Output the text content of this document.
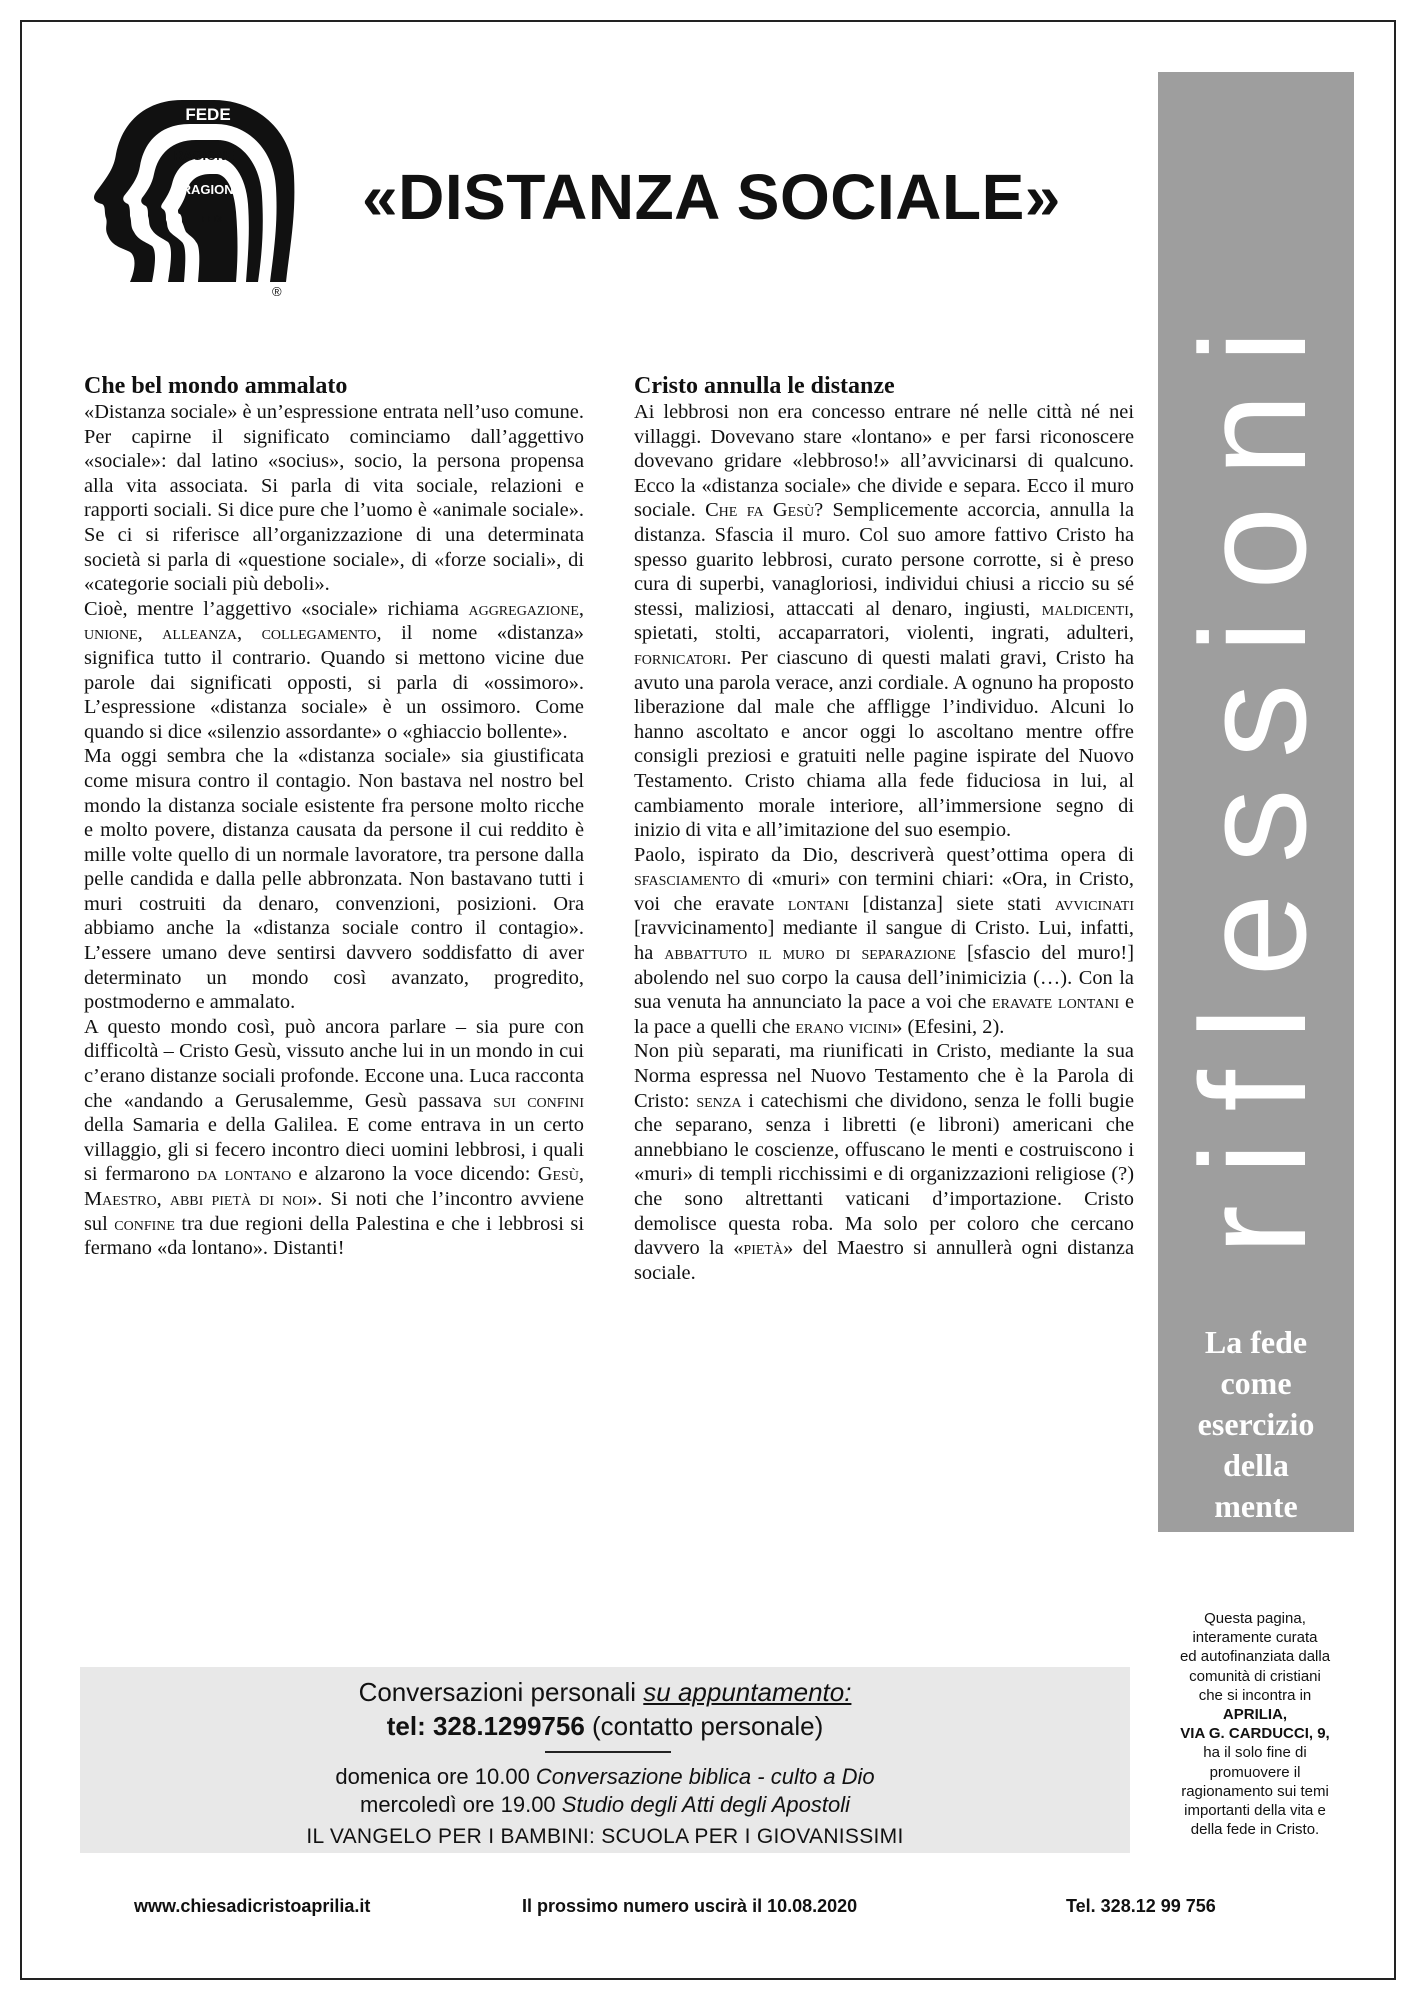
FEDE
RAGIONE
RAGIONE
FEDE
®
«DISTANZA SOCIALE»
Che bel mondo ammalato

«Distanza sociale» è un’espressione entrata nell’uso comune.

Per capirne il significato cominciamo dall’aggettivo «sociale»: dal latino «socius», socio, la persona propensa alla vita associata. Si parla di vita sociale, relazioni e rapporti sociali. Si dice pure che l’uomo è «animale sociale». Se ci si riferisce all’organizzazione di una determinata società si parla di «questione sociale», di «forze sociali», di «categorie sociali più deboli».

Cioè, mentre l’aggettivo «sociale» richiama aggregazione, unione, alleanza, collegamento, il nome «distanza» significa tutto il contrario. Quando si mettono vicine due parole dai significati opposti, si parla di «ossimoro». L’espressione «distanza sociale» è un ossimoro. Come quando si dice «silenzio assordante» o «ghiaccio bollente».

Ma oggi sembra che la «distanza sociale» sia giustificata come misura contro il contagio. Non bastava nel nostro bel mondo la distanza sociale esistente fra persone molto ricche e molto povere, distanza causata da persone il cui reddito è mille volte quello di un normale lavoratore, tra persone dalla pelle candida e dalla pelle abbronzata. Non bastavano tutti i muri costruiti da denaro, convenzioni, posizioni. Ora abbiamo anche la «distanza sociale contro il contagio». L’essere umano deve sentirsi davvero soddisfatto di aver determinato un mondo così avanzato, progredito, postmoderno e ammalato.

A questo mondo così, può ancora parlare – sia pure con difficoltà – Cristo Gesù, vissuto anche lui in un mondo in cui c’erano distanze sociali profonde. Eccone una. Luca racconta che «andando a Gerusalemme, Gesù passava sui confini della Samaria e della Galilea. E come entrava in un certo villaggio, gli si fecero incontro dieci uomini lebbrosi, i quali si fermarono da lontano e alzarono la voce dicendo: Gesù, Maestro, abbi pietà di noi». Si noti che l’incontro avviene sul confine tra due regioni della Palestina e che i lebbrosi si fermano «da lontano». Distanti!

Cristo annulla le distanze

Ai lebbrosi non era concesso entrare né nelle città né nei villaggi. Dovevano stare «lontano» e per farsi riconoscere dovevano gridare «lebbroso!» all’avvicinarsi di qualcuno. Ecco la «distanza sociale» che divide e separa. Ecco il muro sociale. Che fa Gesù? Semplicemente accorcia, annulla la distanza. Sfascia il muro. Col suo amore fattivo Cristo ha spesso guarito lebbrosi, curato persone corrotte, si è preso cura di superbi, vanagloriosi, individui chiusi a riccio su sé stessi, maliziosi, attaccati al denaro, ingiusti, maldicenti, spietati, stolti, accaparratori, violenti, ingrati, adulteri, fornicatori. Per ciascuno di questi malati gravi, Cristo ha avuto una parola verace, anzi cordiale. A ognuno ha proposto liberazione dal male che affligge l’individuo. Alcuni lo hanno ascoltato e ancor oggi lo ascoltano mentre offre consigli preziosi e gratuiti nelle pagine ispirate del Nuovo Testamento. Cristo chiama alla fede fiduciosa in lui, al cambiamento morale interiore, all’immersione segno di inizio di vita e all’imitazione del suo esempio.

Paolo, ispirato da Dio, descriverà quest’ottima opera di sfasciamento di «muri» con termini chiari: «Ora, in Cristo, voi che eravate lontani [distanza] siete stati avvicinati [ravvicinamento] mediante il sangue di Cristo. Lui, infatti, ha abbattuto il muro di separazione [sfascio del muro!] abolendo nel suo corpo la causa dell’inimicizia (…). Con la sua venuta ha annunciato la pace a voi che eravate lontani e la pace a quelli che erano vicini» (Efesini, 2).

Non più separati, ma riunificati in Cristo, mediante la sua Norma espressa nel Nuovo Testamento che è la Parola di Cristo: senza i catechismi che dividono, senza le folli bugie che separano, senza i libretti (e libroni) americani che annebbiano le coscienze, offuscano le menti e costruiscono i «muri» di templi ricchissimi e di organizzazioni religiose (?) che sono altrettanti vaticani d’importazione. Cristo demolisce questa roba. Ma solo per coloro che cercano davvero la «pietà» del Maestro si annullerà ogni distanza sociale.

riflessioni
La fede
come
esercizio
della
mente
Questa pagina,
interamente curata
ed autofinanziata dalla
comunità di cristiani
che si incontra in
APRILIA,
VIA G. CARDUCCI, 9,
ha il solo fine di
promuovere il
ragionamento sui temi
importanti della vita e
della fede in Cristo.
Conversazioni personali su appuntamento:
tel: 328.1299756 (contatto personale)
domenica ore 10.00 Conversazione biblica - culto a Dio
mercoledì ore 19.00 Studio degli Atti degli Apostoli
IL VANGELO PER I BAMBINI: SCUOLA PER I GIOVANISSIMI
www.chiesadicristoaprilia.it	Il prossimo numero uscirà il 10.08.2020	Tel. 328.12 99 756
